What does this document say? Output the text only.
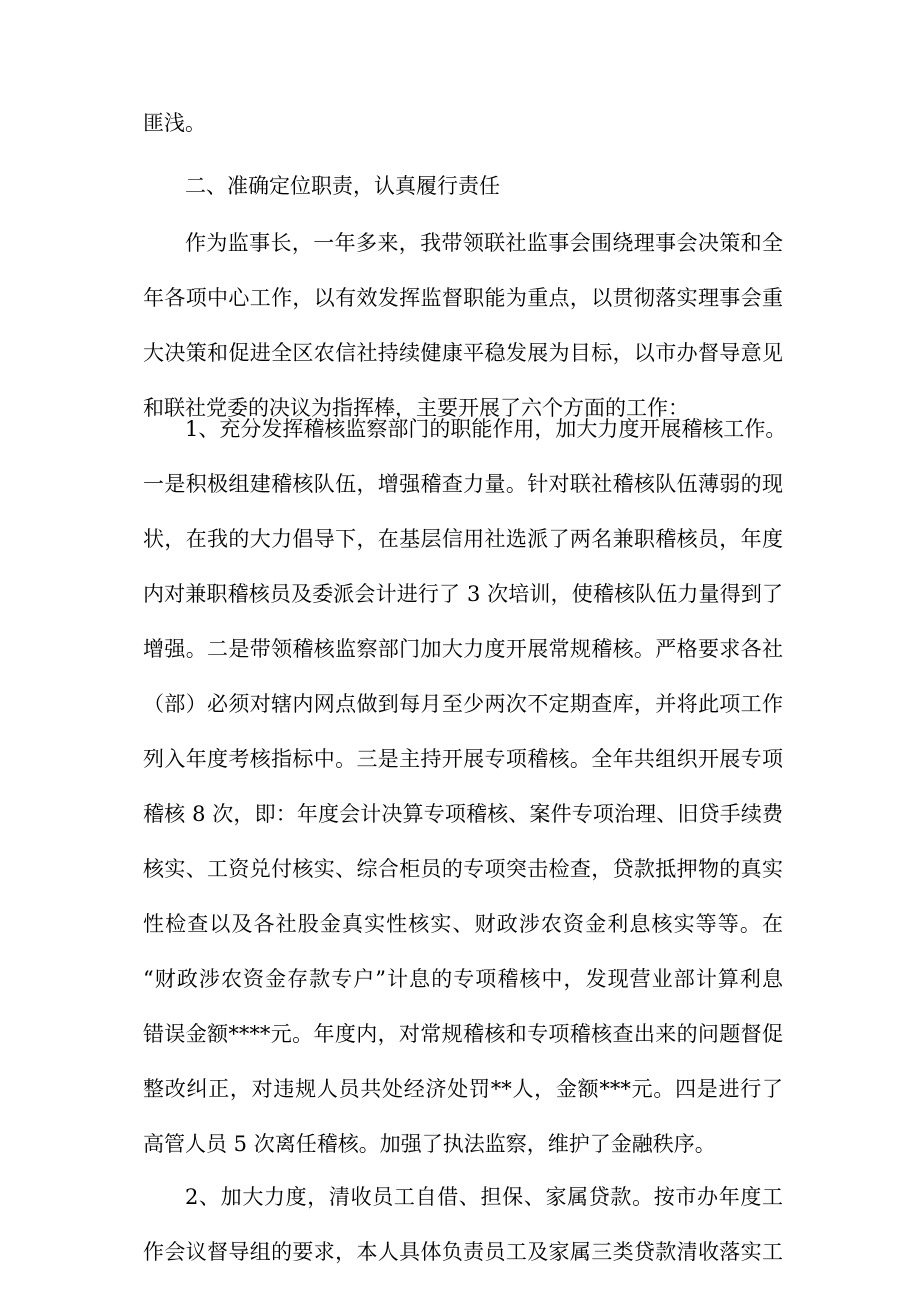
匪浅。
二、准确定位职责，认真履行责任
作为监事长，一年多来，我带领联社监事会围绕理事会决策和全
年各项中心工作，以有效发挥监督职能为重点，以贯彻落实理事会重
大决策和促进全区农信社持续健康平稳发展为目标，以市办督导意见
和联社党委的决议为指挥棒，主要开展了六个方面的工作：
1、充分发挥稽核监察部门的职能作用，加大力度开展稽核工作。
一是积极组建稽核队伍，增强稽查力量。针对联社稽核队伍薄弱的现
状，在我的大力倡导下，在基层信用社选派了两名兼职稽核员，年度
内对兼职稽核员及委派会计进行了 3 次培训，使稽核队伍力量得到了
增强。二是带领稽核监察部门加大力度开展常规稽核。严格要求各社
（部）必须对辖内网点做到每月至少两次不定期查库，并将此项工作
列入年度考核指标中。三是主持开展专项稽核。全年共组织开展专项
稽核 8 次，即：年度会计决算专项稽核、案件专项治理、旧贷手续费
核实、工资兑付核实、综合柜员的专项突击检查，贷款抵押物的真实
性检查以及各社股金真实性核实、财政涉农资金利息核实等等。在
“财政涉农资金存款专户”计息的专项稽核中，发现营业部计算利息
错误金额****元。年度内，对常规稽核和专项稽核查出来的问题督促
整改纠正，对违规人员共处经济处罚**人，金额***元。四是进行了
高管人员 5 次离任稽核。加强了执法监察，维护了金融秩序。
2、加大力度，清收员工自借、担保、家属贷款。按市办年度工
作会议督导组的要求，本人具体负责员工及家属三类贷款清收落实工
